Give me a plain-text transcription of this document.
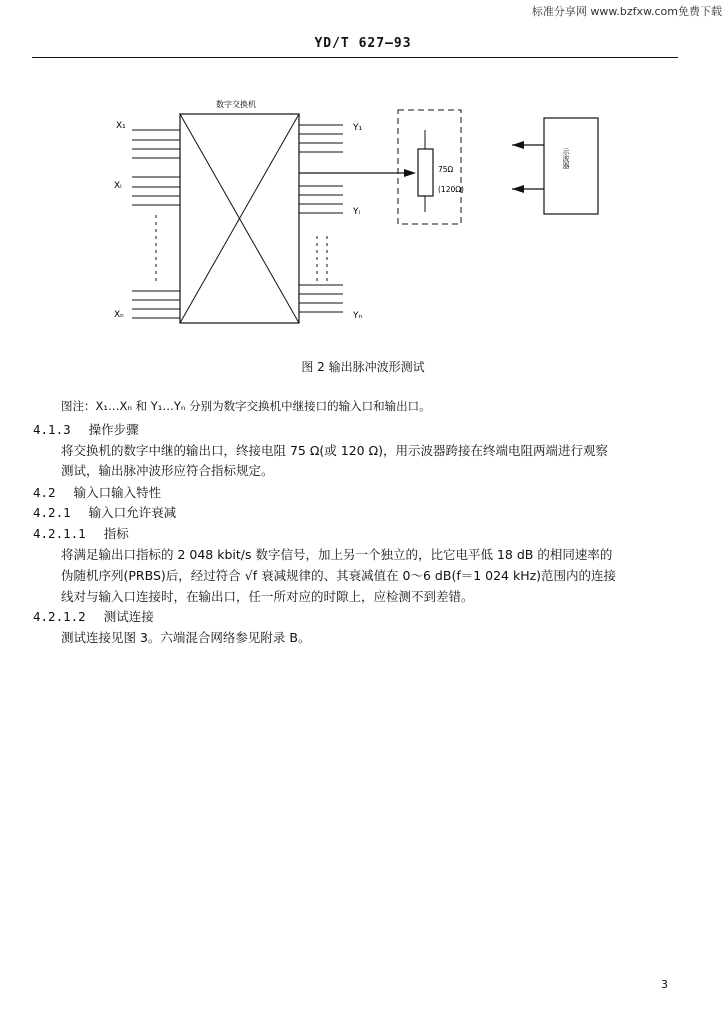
标准分享网 www.bzfxw.com免费下载
YD/T 627—93
数字交换机
X₁
Xᵢ
Xₙ
Y₁
Yᵢ
Yₙ
75Ω
(120Ω)
示波器
图 2 输出脉冲波形测试
图注：X₁…Xₙ 和 Y₁…Yₙ 分别为数字交换机中继接口的输入口和输出口。
4.1.3 操作步骤
将交换机的数字中继的输出口，终接电阻 75 Ω(或 120 Ω)，用示波器跨接在终端电阻两端进行观察
测试，输出脉冲波形应符合指标规定。
4.2 输入口输入特性
4.2.1 输入口允许衰减
4.2.1.1 指标
将满足输出口指标的 2 048 kbit/s 数字信号，加上另一个独立的，比它电平低 18 dB 的相同速率的
伪随机序列(PRBS)后，经过符合 √f 衰减规律的、其衰减值在 0～6 dB(f＝1 024 kHz)范围内的连接
线对与输入口连接时，在输出口，任一所对应的时隙上，应检测不到差错。
4.2.1.2 测试连接
测试连接见图 3。六端混合网络参见附录 B。
3
